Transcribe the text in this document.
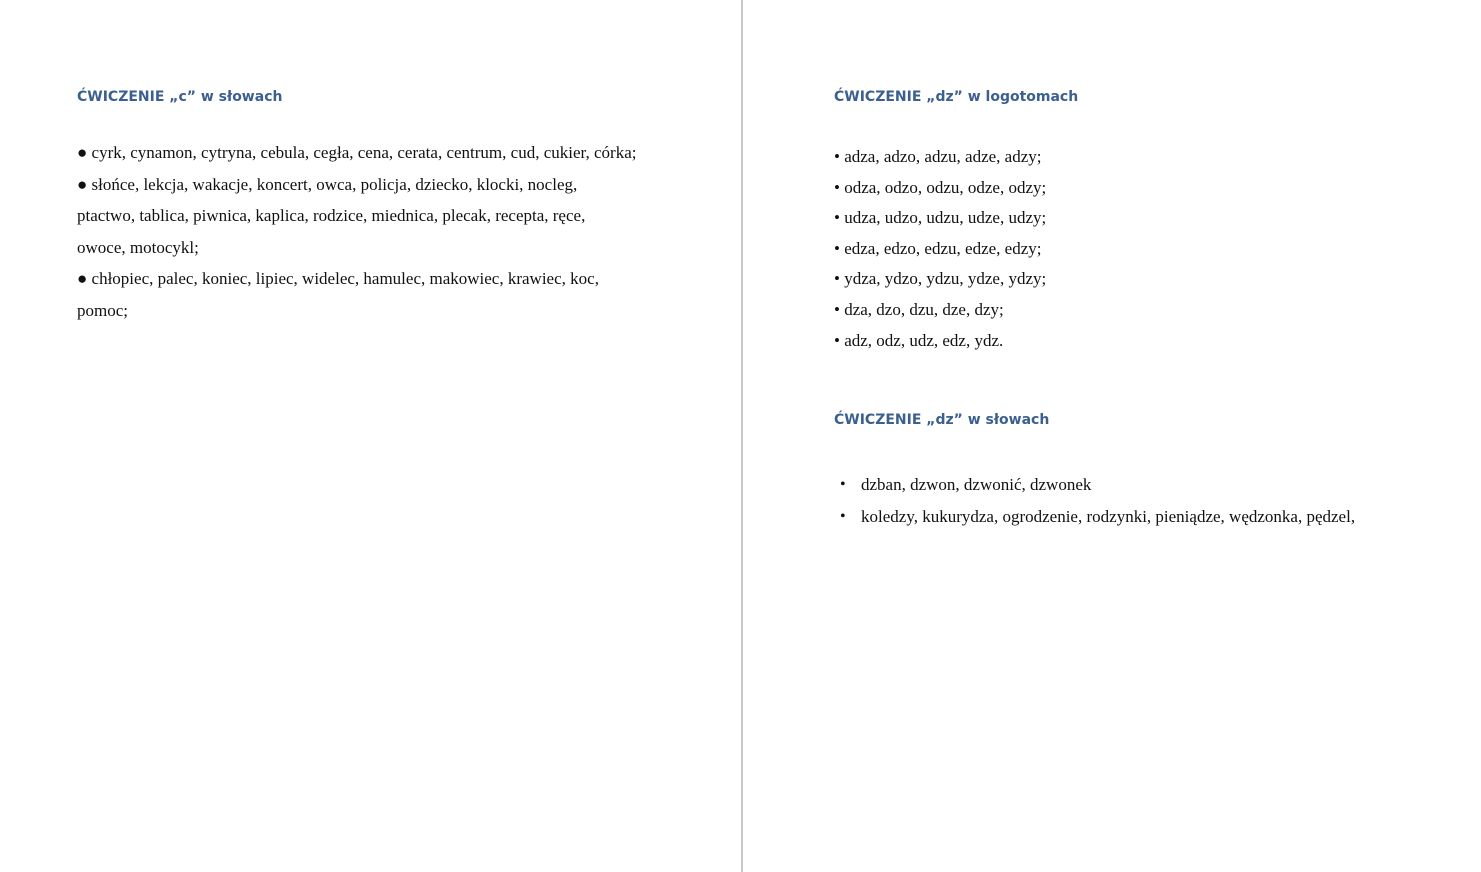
ĆWICZENIE „c” w słowach
● cyrk, cynamon, cytryna, cebula, cegła, cena, cerata, centrum, cud, cukier, córka;
● słońce, lekcja, wakacje, koncert, owca, policja, dziecko, klocki, nocleg, ptactwo, tablica, piwnica, kaplica, rodzice, miednica, plecak, recepta, ręce, owoce, motocykl;
● chłopiec, palec, koniec, lipiec, widelec, hamulec, makowiec, krawiec, koc, pomoc;
ĆWICZENIE „dz” w logotomach
• adza, adzo, adzu, adze, adzy;
• odza, odzo, odzu, odze, odzy;
• udza, udzo, udzu, udze, udzy;
• edza, edzo, edzu, edze, edzy;
• ydza, ydzo, ydzu, ydze, ydzy;
• dza, dzo, dzu, dze, dzy;
• adz, odz, udz, edz, ydz.
ĆWICZENIE „dz” w słowach
• dzban, dzwon, dzwonić, dzwonek
• koledzy, kukurydza, ogrodzenie, rodzynki, pieniądze, wędzonka, pędzel,
